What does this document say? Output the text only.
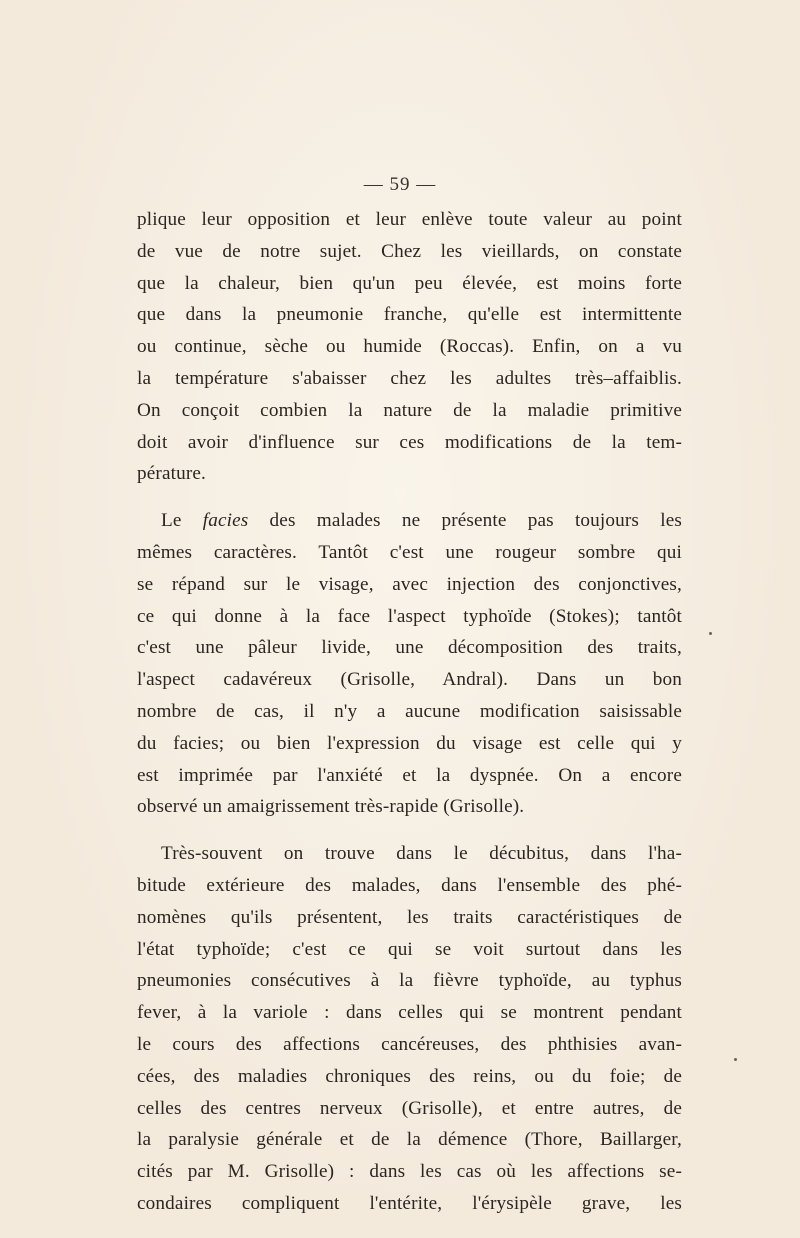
— 59 —
plique leur opposition et leur enlève toute valeur au point
de vue de notre sujet. Chez les vieillards, on constate
que la chaleur, bien qu'un peu élevée, est moins forte
que dans la pneumonie franche, qu'elle est intermittente
ou continue, sèche ou humide (Roccas). Enfin, on a vu
la température s'abaisser chez les adultes très–affaiblis.
On conçoit combien la nature de la maladie primitive
doit avoir d'influence sur ces modifications de la tem-
pérature.
Le facies des malades ne présente pas toujours les
mêmes caractères. Tantôt c'est une rougeur sombre qui
se répand sur le visage, avec injection des conjonctives,
ce qui donne à la face l'aspect typhoïde (Stokes); tantôt
c'est une pâleur livide, une décomposition des traits,
l'aspect cadavéreux (Grisolle, Andral). Dans un bon
nombre de cas, il n'y a aucune modification saisissable
du facies; ou bien l'expression du visage est celle qui y
est imprimée par l'anxiété et la dyspnée. On a encore
observé un amaigrissement très-rapide (Grisolle).
Très-souvent on trouve dans le décubitus, dans l'ha-
bitude extérieure des malades, dans l'ensemble des phé-
nomènes qu'ils présentent, les traits caractéristiques de
l'état typhoïde; c'est ce qui se voit surtout dans les
pneumonies consécutives à la fièvre typhoïde, au typhus
fever, à la variole : dans celles qui se montrent pendant
le cours des affections cancéreuses, des phthisies avan-
cées, des maladies chroniques des reins, ou du foie; de
celles des centres nerveux (Grisolle), et entre autres, de
la paralysie générale et de la démence (Thore, Baillarger,
cités par M. Grisolle) : dans les cas où les affections se-
condaires compliquent l'entérite, l'érysipèle grave, les
